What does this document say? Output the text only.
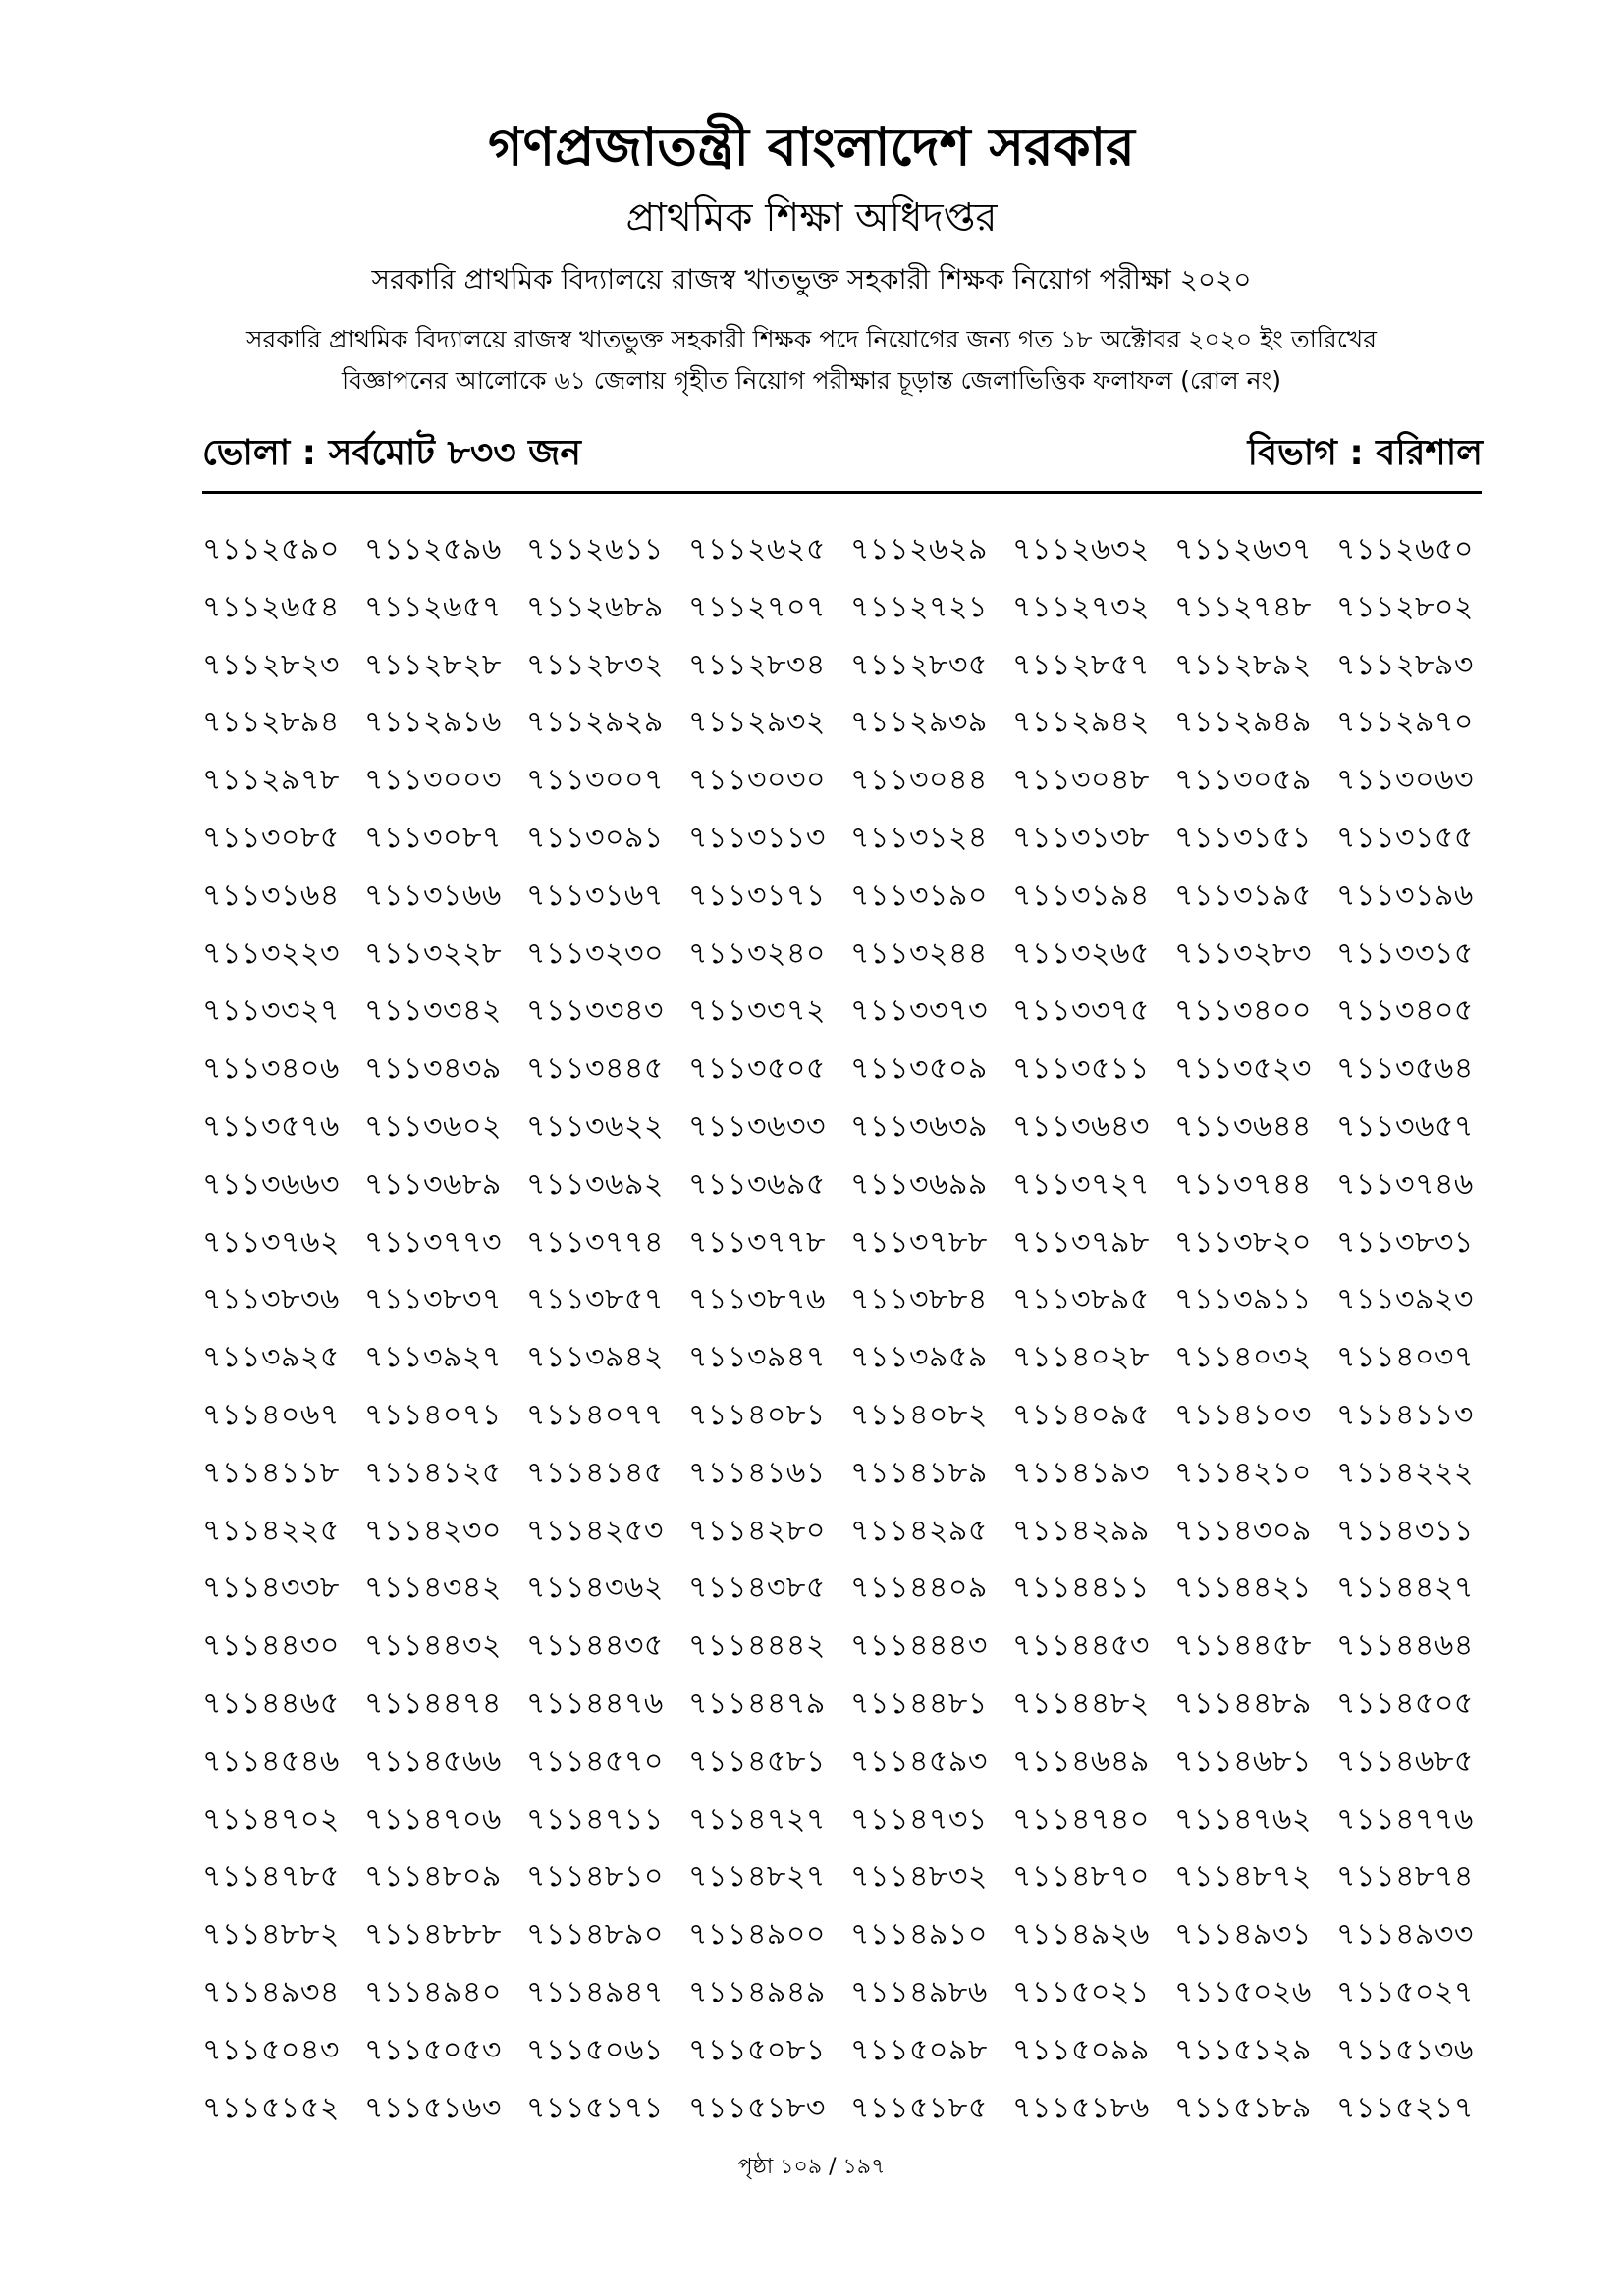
গণপ্রজাতন্ত্রী বাংলাদেশ সরকার
প্রাথমিক শিক্ষা অধিদপ্তর
সরকারি প্রাথমিক বিদ্যালয়ে রাজস্ব খাতভুক্ত সহকারী শিক্ষক নিয়োগ পরীক্ষা ২০২০
সরকারি প্রাথমিক বিদ্যালয়ে রাজস্ব খাতভুক্ত সহকারী শিক্ষক পদে নিয়োগের জন্য গত ১৮ অক্টোবর ২০২০ ইং তারিখের
বিজ্ঞাপনের আলোকে ৬১ জেলায় গৃহীত নিয়োগ পরীক্ষার চূড়ান্ত জেলাভিত্তিক ফলাফল (রোল নং)
ভোলা : সর্বমোট ৮৩৩ জন	বিভাগ : বরিশাল
৭১১২৫৯০ ৭১১২৫৯৬ ৭১১২৬১১ ৭১১২৬২৫ ৭১১২৬২৯ ৭১১২৬৩২ ৭১১২৬৩৭ ৭১১২৬৫০
৭১১২৬৫৪ ৭১১২৬৫৭ ৭১১২৬৮৯ ৭১১২৭০৭ ৭১১২৭২১ ৭১১২৭৩২ ৭১১২৭৪৮ ৭১১২৮০২
৭১১২৮২৩ ৭১১২৮২৮ ৭১১২৮৩২ ৭১১২৮৩৪ ৭১১২৮৩৫ ৭১১২৮৫৭ ৭১১২৮৯২ ৭১১২৮৯৩
৭১১২৮৯৪ ৭১১২৯১৬ ৭১১২৯২৯ ৭১১২৯৩২ ৭১১২৯৩৯ ৭১১২৯৪২ ৭১১২৯৪৯ ৭১১২৯৭০
৭১১২৯৭৮ ৭১১৩০০৩ ৭১১৩০০৭ ৭১১৩০৩০ ৭১১৩০৪৪ ৭১১৩০৪৮ ৭১১৩০৫৯ ৭১১৩০৬৩
৭১১৩০৮৫ ৭১১৩০৮৭ ৭১১৩০৯১ ৭১১৩১১৩ ৭১১৩১২৪ ৭১১৩১৩৮ ৭১১৩১৫১ ৭১১৩১৫৫
৭১১৩১৬৪ ৭১১৩১৬৬ ৭১১৩১৬৭ ৭১১৩১৭১ ৭১১৩১৯০ ৭১১৩১৯৪ ৭১১৩১৯৫ ৭১১৩১৯৬
৭১১৩২২৩ ৭১১৩২২৮ ৭১১৩২৩০ ৭১১৩২৪০ ৭১১৩২৪৪ ৭১১৩২৬৫ ৭১১৩২৮৩ ৭১১৩৩১৫
৭১১৩৩২৭ ৭১১৩৩৪২ ৭১১৩৩৪৩ ৭১১৩৩৭২ ৭১১৩৩৭৩ ৭১১৩৩৭৫ ৭১১৩৪০০ ৭১১৩৪০৫
৭১১৩৪০৬ ৭১১৩৪৩৯ ৭১১৩৪৪৫ ৭১১৩৫০৫ ৭১১৩৫০৯ ৭১১৩৫১১ ৭১১৩৫২৩ ৭১১৩৫৬৪
৭১১৩৫৭৬ ৭১১৩৬০২ ৭১১৩৬২২ ৭১১৩৬৩৩ ৭১১৩৬৩৯ ৭১১৩৬৪৩ ৭১১৩৬৪৪ ৭১১৩৬৫৭
৭১১৩৬৬৩ ৭১১৩৬৮৯ ৭১১৩৬৯২ ৭১১৩৬৯৫ ৭১১৩৬৯৯ ৭১১৩৭২৭ ৭১১৩৭৪৪ ৭১১৩৭৪৬
৭১১৩৭৬২ ৭১১৩৭৭৩ ৭১১৩৭৭৪ ৭১১৩৭৭৮ ৭১১৩৭৮৮ ৭১১৩৭৯৮ ৭১১৩৮২০ ৭১১৩৮৩১
৭১১৩৮৩৬ ৭১১৩৮৩৭ ৭১১৩৮৫৭ ৭১১৩৮৭৬ ৭১১৩৮৮৪ ৭১১৩৮৯৫ ৭১১৩৯১১ ৭১১৩৯২৩
৭১১৩৯২৫ ৭১১৩৯২৭ ৭১১৩৯৪২ ৭১১৩৯৪৭ ৭১১৩৯৫৯ ৭১১৪০২৮ ৭১১৪০৩২ ৭১১৪০৩৭
৭১১৪০৬৭ ৭১১৪০৭১ ৭১১৪০৭৭ ৭১১৪০৮১ ৭১১৪০৮২ ৭১১৪০৯৫ ৭১১৪১০৩ ৭১১৪১১৩
৭১১৪১১৮ ৭১১৪১২৫ ৭১১৪১৪৫ ৭১১৪১৬১ ৭১১৪১৮৯ ৭১১৪১৯৩ ৭১১৪২১০ ৭১১৪২২২
৭১১৪২২৫ ৭১১৪২৩০ ৭১১৪২৫৩ ৭১১৪২৮০ ৭১১৪২৯৫ ৭১১৪২৯৯ ৭১১৪৩০৯ ৭১১৪৩১১
৭১১৪৩৩৮ ৭১১৪৩৪২ ৭১১৪৩৬২ ৭১১৪৩৮৫ ৭১১৪৪০৯ ৭১১৪৪১১ ৭১১৪৪২১ ৭১১৪৪২৭
৭১১৪৪৩০ ৭১১৪৪৩২ ৭১১৪৪৩৫ ৭১১৪৪৪২ ৭১১৪৪৪৩ ৭১১৪৪৫৩ ৭১১৪৪৫৮ ৭১১৪৪৬৪
৭১১৪৪৬৫ ৭১১৪৪৭৪ ৭১১৪৪৭৬ ৭১১৪৪৭৯ ৭১১৪৪৮১ ৭১১৪৪৮২ ৭১১৪৪৮৯ ৭১১৪৫০৫
৭১১৪৫৪৬ ৭১১৪৫৬৬ ৭১১৪৫৭০ ৭১১৪৫৮১ ৭১১৪৫৯৩ ৭১১৪৬৪৯ ৭১১৪৬৮১ ৭১১৪৬৮৫
৭১১৪৭০২ ৭১১৪৭০৬ ৭১১৪৭১১ ৭১১৪৭২৭ ৭১১৪৭৩১ ৭১১৪৭৪০ ৭১১৪৭৬২ ৭১১৪৭৭৬
৭১১৪৭৮৫ ৭১১৪৮০৯ ৭১১৪৮১০ ৭১১৪৮২৭ ৭১১৪৮৩২ ৭১১৪৮৭০ ৭১১৪৮৭২ ৭১১৪৮৭৪
৭১১৪৮৮২ ৭১১৪৮৮৮ ৭১১৪৮৯০ ৭১১৪৯০০ ৭১১৪৯১০ ৭১১৪৯২৬ ৭১১৪৯৩১ ৭১১৪৯৩৩
৭১১৪৯৩৪ ৭১১৪৯৪০ ৭১১৪৯৪৭ ৭১১৪৯৪৯ ৭১১৪৯৮৬ ৭১১৫০২১ ৭১১৫০২৬ ৭১১৫০২৭
৭১১৫০৪৩ ৭১১৫০৫৩ ৭১১৫০৬১ ৭১১৫০৮১ ৭১১৫০৯৮ ৭১১৫০৯৯ ৭১১৫১২৯ ৭১১৫১৩৬
৭১১৫১৫২ ৭১১৫১৬৩ ৭১১৫১৭১ ৭১১৫১৮৩ ৭১১৫১৮৫ ৭১১৫১৮৬ ৭১১৫১৮৯ ৭১১৫২১৭
পৃষ্ঠা ১০৯ / ১৯৭
